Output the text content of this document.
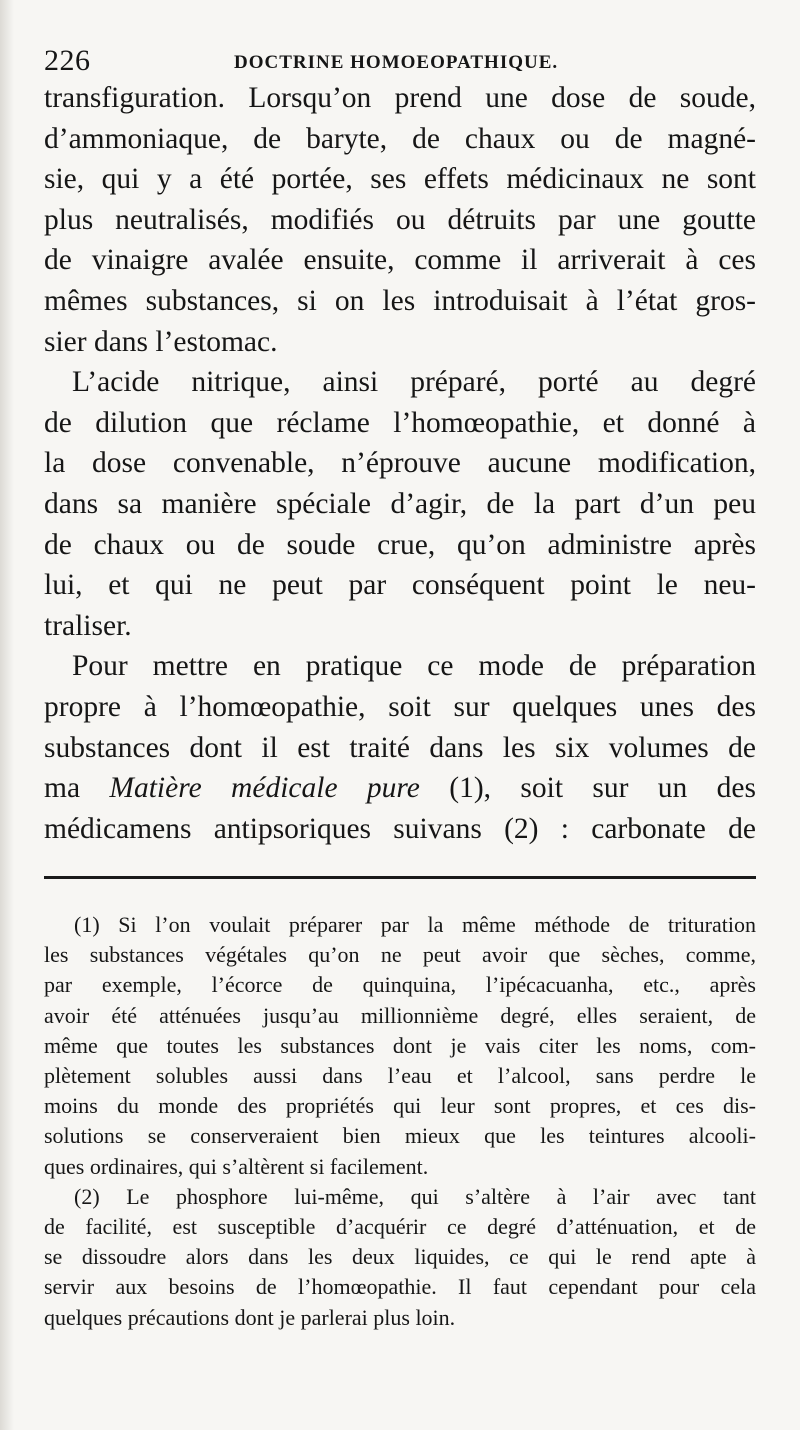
226	DOCTRINE HOMOEOPATHIQUE.

transfiguration. Lorsqu’on prend une dose de soude,
d’ammoniaque, de baryte, de chaux ou de magné-
sie, qui y a été portée, ses effets médicinaux ne sont
plus neutralisés, modifiés ou détruits par une goutte
de vinaigre avalée ensuite, comme il arriverait à ces
mêmes substances, si on les introduisait à l’état gros-
sier dans l’estomac.

L’acide nitrique, ainsi préparé, porté au degré
de dilution que réclame l’homœopathie, et donné à
la dose convenable, n’éprouve aucune modification,
dans sa manière spéciale d’agir, de la part d’un peu
de chaux ou de soude crue, qu’on administre après
lui, et qui ne peut par conséquent point le neu-
traliser.

Pour mettre en pratique ce mode de préparation
propre à l’homœopathie, soit sur quelques unes des
substances dont il est traité dans les six volumes de
ma Matière médicale pure (1), soit sur un des
médicamens antipsoriques suivans (2) : carbonate de

(1) Si l’on voulait préparer par la même méthode de trituration
les substances végétales qu’on ne peut avoir que sèches, comme,
par exemple, l’écorce de quinquina, l’ipécacuanha, etc., après
avoir été atténuées jusqu’au millionnième degré, elles seraient, de
même que toutes les substances dont je vais citer les noms, com-
plètement solubles aussi dans l’eau et l’alcool, sans perdre le
moins du monde des propriétés qui leur sont propres, et ces dis-
solutions se conserveraient bien mieux que les teintures alcooli-
ques ordinaires, qui s’altèrent si facilement.
(2) Le phosphore lui-même, qui s’altère à l’air avec tant
de facilité, est susceptible d’acquérir ce degré d’atténuation, et de
se dissoudre alors dans les deux liquides, ce qui le rend apte à
servir aux besoins de l’homœopathie. Il faut cependant pour cela
quelques précautions dont je parlerai plus loin.
